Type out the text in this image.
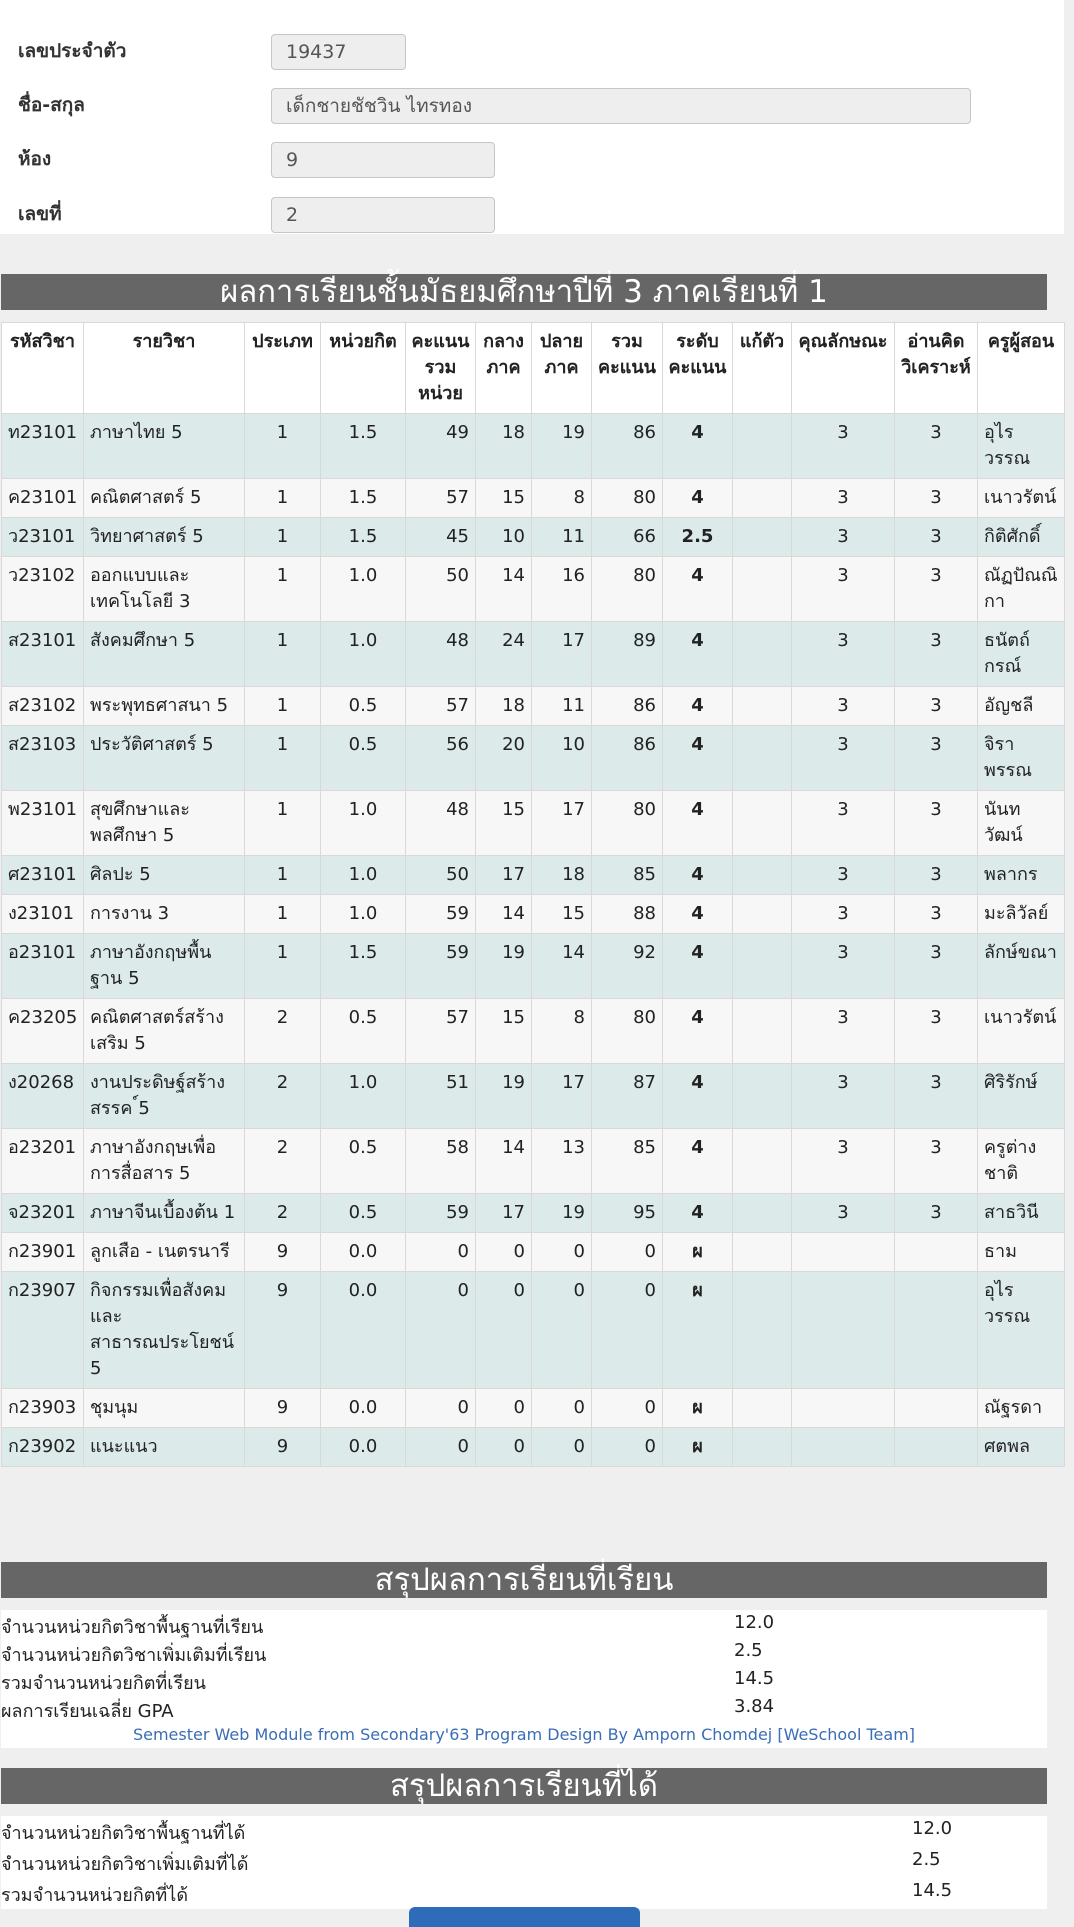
เลขประจำตัว	19437
ชื่อ-สกุล	เด็กชายชัชวิน ไทรทอง
ห้อง	9
เลขที่	2
ผลการเรียนชั้นมัธยมศึกษาปีที่ 3 ภาคเรียนที่ 1
รหัสวิชา	รายวิชา	ประเภท	หน่วยกิต	คะแนนรวมหน่วย	กลางภาค	ปลายภาค	รวมคะแนน	ระดับคะแนน	แก้ตัว	คุณลักษณะ	อ่านคิดวิเคราะห์	ครูผู้สอน
ท23101	ภาษาไทย 5	1	1.5	49	18	19	86	4		3	3	อุไรวรรณ
ค23101	คณิตศาสตร์ 5	1	1.5	57	15	8	80	4		3	3	เนาวรัตน์
ว23101	วิทยาศาสตร์ 5	1	1.5	45	10	11	66	2.5		3	3	กิติศักดิ์
ว23102	ออกแบบและเทคโนโลยี 3	1	1.0	50	14	16	80	4		3	3	ณัฏปัณณิกา
ส23101	สังคมศึกษา 5	1	1.0	48	24	17	89	4		3	3	ธนัตถ์กรณ์
ส23102	พระพุทธศาสนา 5	1	0.5	57	18	11	86	4		3	3	อัญชลี
ส23103	ประวัติศาสตร์ 5	1	0.5	56	20	10	86	4		3	3	จิราพรรณ
พ23101	สุขศึกษาและพลศึกษา 5	1	1.0	48	15	17	80	4		3	3	นันทวัฒน์
ศ23101	ศิลปะ 5	1	1.0	50	17	18	85	4		3	3	พลากร
ง23101	การงาน 3	1	1.0	59	14	15	88	4		3	3	มะลิวัลย์
อ23101	ภาษาอังกฤษพื้นฐาน 5	1	1.5	59	19	14	92	4		3	3	ลักษ์ขณา
ค23205	คณิตศาสตร์สร้างเสริม 5	2	0.5	57	15	8	80	4		3	3	เนาวรัตน์
ง20268	งานประดิษฐ์สร้างสรรค ์5	2	1.0	51	19	17	87	4		3	3	ศิริรักษ์
อ23201	ภาษาอังกฤษเพื่อการสื่อสาร 5	2	0.5	58	14	13	85	4		3	3	ครูต่างชาติ
จ23201	ภาษาจีนเบื้องต้น 1	2	0.5	59	17	19	95	4		3	3	สาธวินี
ก23901	ลูกเสือ - เนตรนารี	9	0.0	0	0	0	0	ผ				ธาม
ก23907	กิจกรรมเพื่อสังคมและสาธารณประโยชน์ 5	9	0.0	0	0	0	0	ผ				อุไรวรรณ
ก23903	ชุมนุม	9	0.0	0	0	0	0	ผ				ณัฐรดา
ก23902	แนะแนว	9	0.0	0	0	0	0	ผ				ศตพล
สรุปผลการเรียนที่เรียน
จำนวนหน่วยกิตวิชาพื้นฐานที่เรียน	12.0
จำนวนหน่วยกิตวิชาเพิ่มเติมที่เรียน	2.5
รวมจำนวนหน่วยกิตที่เรียน	14.5
ผลการเรียนเฉลี่ย GPA	3.84
Semester Web Module from Secondary'63 Program Design By Amporn Chomdej [WeSchool Team]
สรุปผลการเรียนที่ได้
จำนวนหน่วยกิตวิชาพื้นฐานที่ได้	12.0
จำนวนหน่วยกิตวิชาเพิ่มเติมที่ได้	2.5
รวมจำนวนหน่วยกิตที่ได้	14.5
